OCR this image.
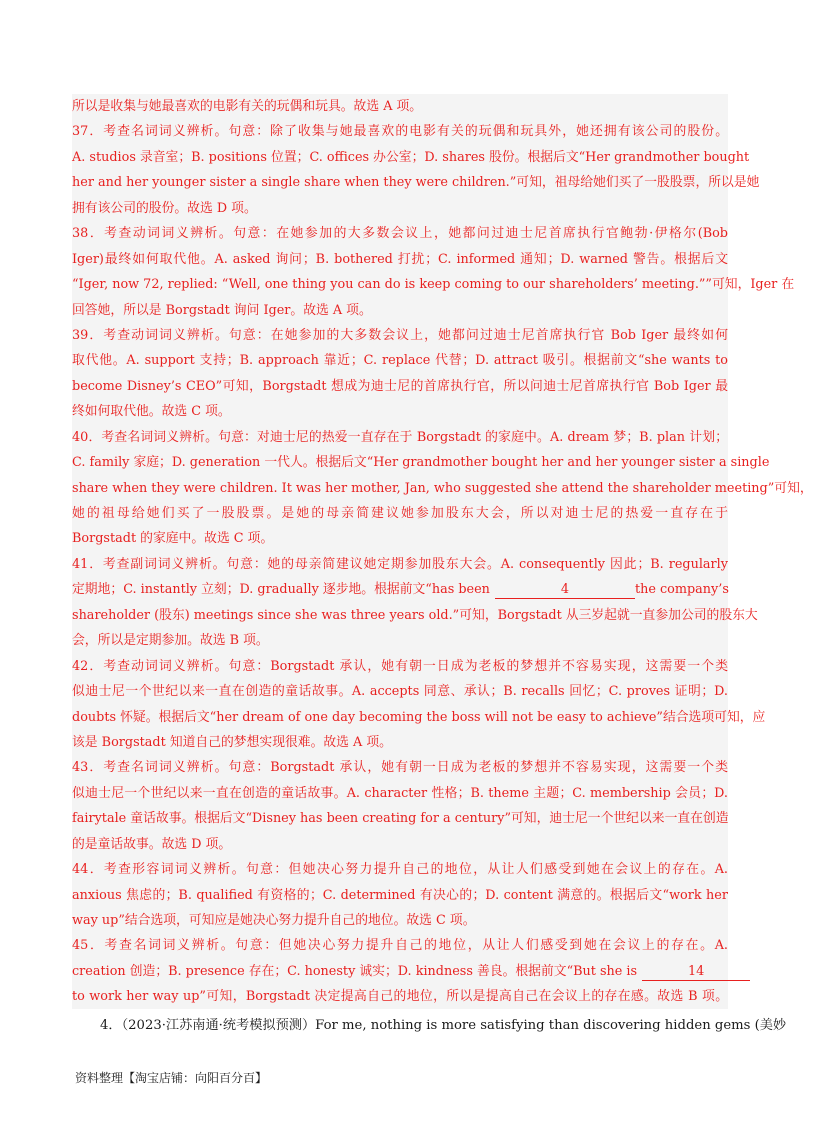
所以是收集与她最喜欢的电影有关的玩偶和玩具。故选 A 项。
37．考查名词词义辨析。句意：除了收集与她最喜欢的电影有关的玩偶和玩具外，她还拥有该公司的股份。
A. studios 录音室；B. positions 位置；C. offices 办公室；D. shares 股份。根据后文“Her grandmother bought
her and her younger sister a single share when they were children.”可知，祖母给她们买了一股股票，所以是她
拥有该公司的股份。故选 D 项。
38．考查动词词义辨析。句意：在她参加的大多数会议上，她都问过迪士尼首席执行官鲍勃·伊格尔(Bob
Iger)最终如何取代他。A. asked 询问；B. bothered 打扰；C. informed 通知；D. warned 警告。根据后文
“Iger, now 72, replied: “Well, one thing you can do is keep coming to our shareholders’ meeting.””可知，Iger 在
回答她，所以是 Borgstadt 询问 Iger。故选 A 项。
39．考查动词词义辨析。句意：在她参加的大多数会议上，她都问过迪士尼首席执行官 Bob Iger 最终如何
取代他。A. support 支持；B. approach 靠近；C. replace 代替；D. attract 吸引。根据前文“she wants to
become Disney’s CEO”可知，Borgstadt 想成为迪士尼的首席执行官，所以问迪士尼首席执行官 Bob Iger 最
终如何取代他。故选 C 项。
40．考查名词词义辨析。句意：对迪士尼的热爱一直存在于 Borgstadt 的家庭中。A. dream 梦；B. plan 计划；
C. family 家庭；D. generation 一代人。根据后文“Her grandmother bought her and her younger sister a single
share when they were children. It was her mother, Jan, who suggested she attend the shareholder meeting”可知，
她的祖母给她们买了一股股票。是她的母亲简建议她参加股东大会，所以对迪士尼的热爱一直存在于
Borgstadt 的家庭中。故选 C 项。
41．考查副词词义辨析。句意：她的母亲简建议她定期参加股东大会。A. consequently 因此；B. regularly
定期地；C. instantly 立刻；D. gradually 逐步地。根据前文“has been	4	the company’s
shareholder (股东) meetings since she was three years old.”可知，Borgstadt 从三岁起就一直参加公司的股东大
会，所以是定期参加。故选 B 项。
42．考查动词词义辨析。句意：Borgstadt 承认，她有朝一日成为老板的梦想并不容易实现，这需要一个类
似迪士尼一个世纪以来一直在创造的童话故事。A. accepts 同意、承认；B. recalls 回忆；C. proves 证明；D.
doubts 怀疑。根据后文“her dream of one day becoming the boss will not be easy to achieve”结合选项可知，应
该是 Borgstadt 知道自己的梦想实现很难。故选 A 项。
43．考查名词词义辨析。句意：Borgstadt 承认，她有朝一日成为老板的梦想并不容易实现，这需要一个类
似迪士尼一个世纪以来一直在创造的童话故事。A. character 性格；B. theme 主题；C. membership 会员；D.
fairytale 童话故事。根据后文“Disney has been creating for a century”可知，迪士尼一个世纪以来一直在创造
的是童话故事。故选 D 项。
44．考查形容词词义辨析。句意：但她决心努力提升自己的地位，从让人们感受到她在会议上的存在。A.
anxious 焦虑的；B. qualified 有资格的；C. determined 有决心的；D. content 满意的。根据后文“work her
way up”结合选项，可知应是她决心努力提升自己的地位。故选 C 项。
45．考查名词词义辨析。句意：但她决心努力提升自己的地位，从让人们感受到她在会议上的存在。A.
creation 创造；B. presence 存在；C. honesty 诚实；D. kindness 善良。根据前文“But she is	14
to work her way up”可知，Borgstadt 决定提高自己的地位，所以是提高自己在会议上的存在感。故选 B 项。
4．（2023·江苏南通·统考模拟预测）For me, nothing is more satisfying than discovering hidden gems (美妙
资料整理【淘宝店铺：向阳百分百】
